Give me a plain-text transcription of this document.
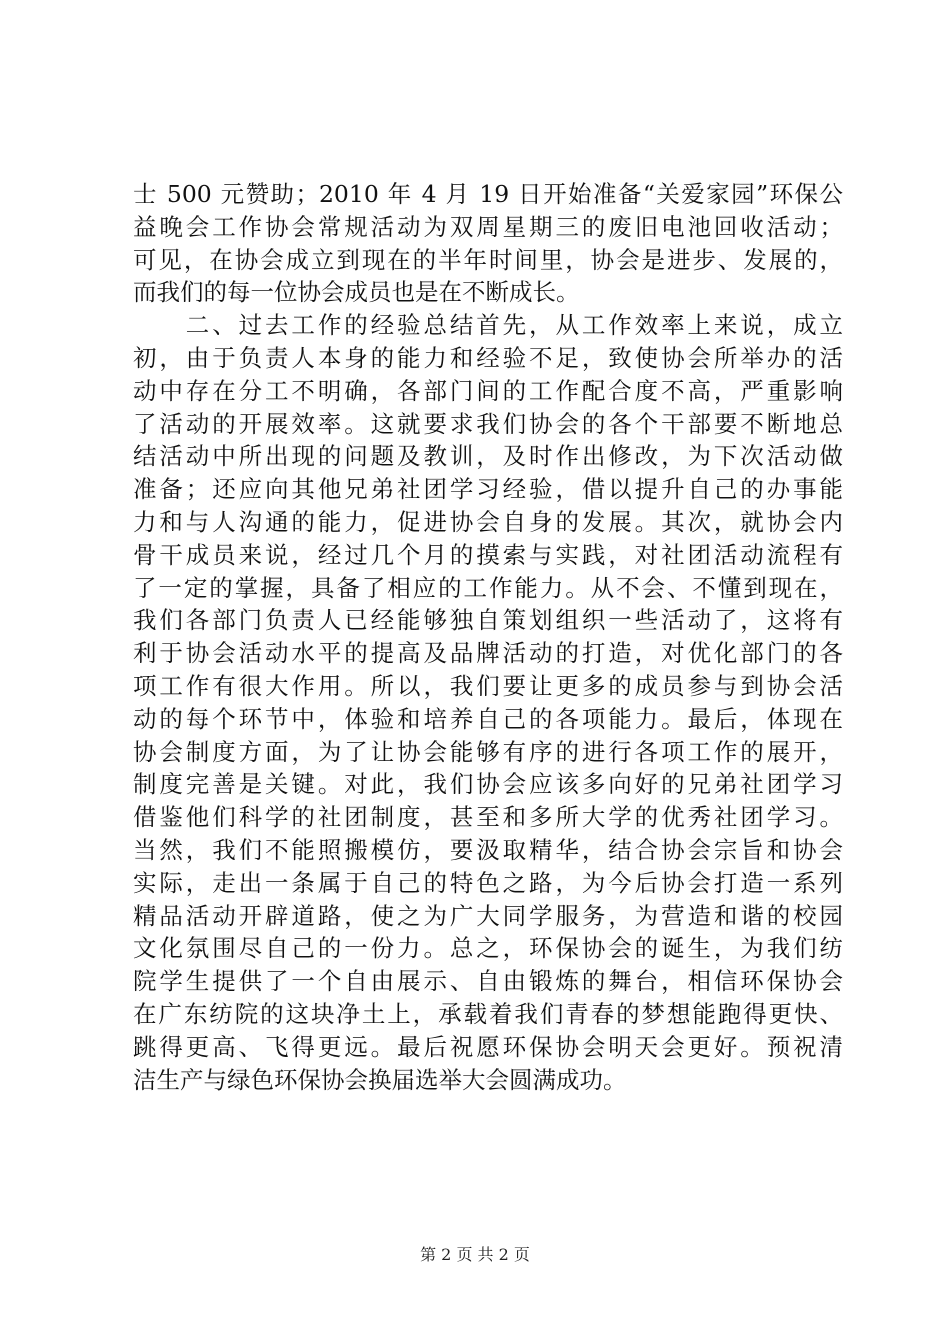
士 500 元赞助；2010 年 4 月 19 日开始准备“关爱家园”环保公
益晚会工作协会常规活动为双周星期三的废旧电池回收活动；
可见，在协会成立到现在的半年时间里，协会是进步、发展的，
而我们的每一位协会成员也是在不断成长。
　　二、过去工作的经验总结首先，从工作效率上来说，成立
初，由于负责人本身的能力和经验不足，致使协会所举办的活
动中存在分工不明确，各部门间的工作配合度不高，严重影响
了活动的开展效率。这就要求我们协会的各个干部要不断地总
结活动中所出现的问题及教训，及时作出修改，为下次活动做
准备；还应向其他兄弟社团学习经验，借以提升自己的办事能
力和与人沟通的能力，促进协会自身的发展。其次，就协会内
骨干成员来说，经过几个月的摸索与实践，对社团活动流程有
了一定的掌握，具备了相应的工作能力。从不会、不懂到现在，
我们各部门负责人已经能够独自策划组织一些活动了，这将有
利于协会活动水平的提高及品牌活动的打造，对优化部门的各
项工作有很大作用。所以，我们要让更多的成员参与到协会活
动的每个环节中，体验和培养自己的各项能力。最后，体现在
协会制度方面，为了让协会能够有序的进行各项工作的展开，
制度完善是关键。对此，我们协会应该多向好的兄弟社团学习
借鉴他们科学的社团制度，甚至和多所大学的优秀社团学习。
当然，我们不能照搬模仿，要汲取精华，结合协会宗旨和协会
实际，走出一条属于自己的特色之路，为今后协会打造一系列
精品活动开辟道路，使之为广大同学服务，为营造和谐的校园
文化氛围尽自己的一份力。总之，环保协会的诞生，为我们纺
院学生提供了一个自由展示、自由锻炼的舞台，相信环保协会
在广东纺院的这块净土上，承载着我们青春的梦想能跑得更快、
跳得更高、飞得更远。最后祝愿环保协会明天会更好。预祝清
洁生产与绿色环保协会换届选举大会圆满成功。
第 2 页 共 2 页
